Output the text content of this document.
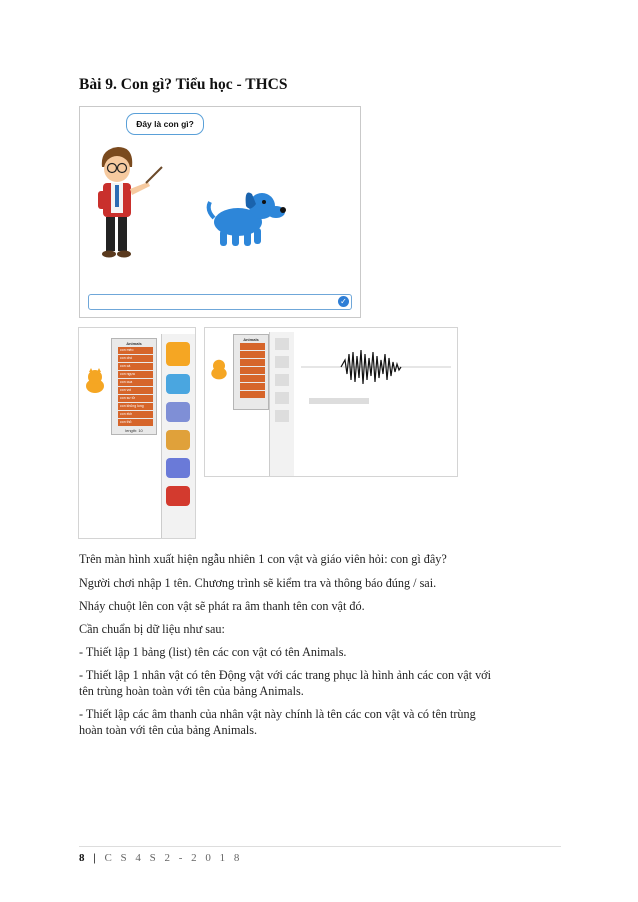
Bài 9. Con gì? Tiểu học - THCS
Đây là con gì?
✓
Animals
con mèo
con chó
con cá
con ngựa
con cua
con voi
con sư tử
con khủng long
con ếch
con thỏ
length: 10
Animals
Trên màn hình xuất hiện ngẫu nhiên 1 con vật và giáo viên hỏi: con gì đây?
Người chơi nhập 1 tên. Chương trình sẽ kiểm tra và thông báo đúng / sai.
Nháy chuột lên con vật sẽ phát ra âm thanh tên con vật đó.
Cần chuẩn bị dữ liệu như sau:
- Thiết lập 1 bảng (list) tên các con vật có tên Animals.
- Thiết lập 1 nhân vật có tên Động vật với các trang phục là hình ảnh các con vật với
tên trùng hoàn toàn với tên của bảng Animals.
- Thiết lập các âm thanh của nhân vật này chính là tên các con vật và có tên trùng
hoàn toàn với tên của bảng Animals.
8 | C S 4 S 2 - 2 0 1 8
